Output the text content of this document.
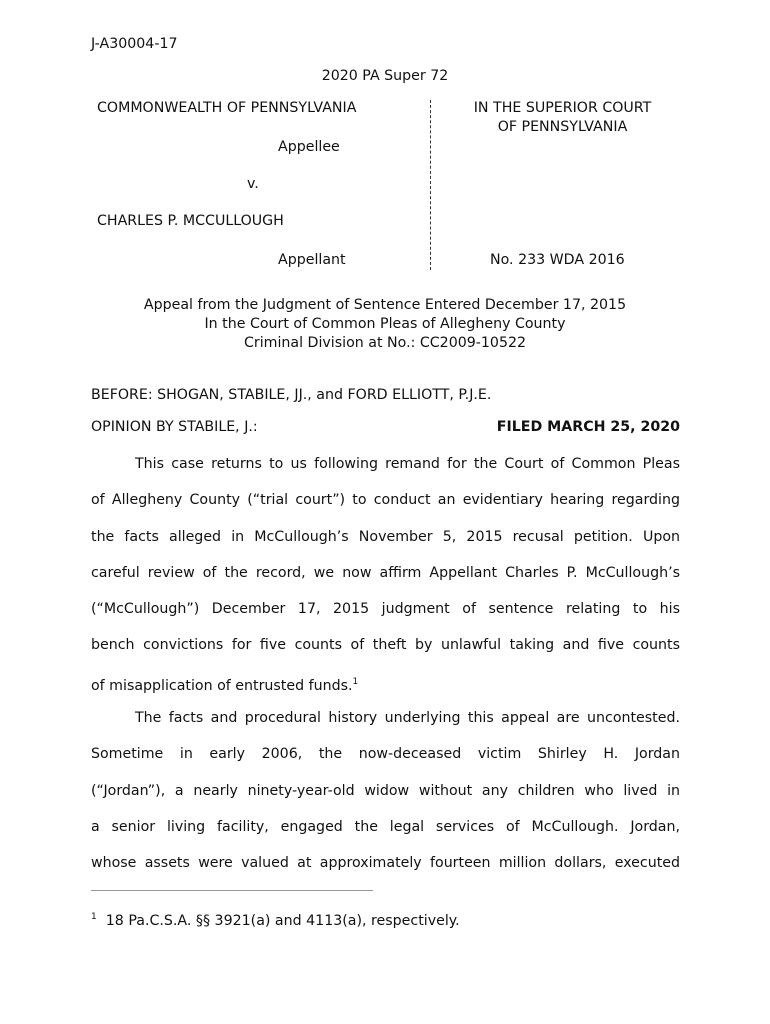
J-A30004-17
2020 PA Super 72
COMMONWEALTH OF PENNSYLVANIA
Appellee
v.
CHARLES P. MCCULLOUGH
Appellant
IN THE SUPERIOR COURT
OF PENNSYLVANIA
No. 233 WDA 2016
Appeal from the Judgment of Sentence Entered December 17, 2015
In the Court of Common Pleas of Allegheny County
Criminal Division at No.: CC2009-10522
BEFORE: SHOGAN, STABILE, JJ., and FORD ELLIOTT, P.J.E.
OPINION BY STABILE, J.:	FILED MARCH 25, 2020
This case returns to us following remand for the Court of Common Pleas
of Allegheny County (“trial court”) to conduct an evidentiary hearing regarding
the facts alleged in McCullough’s November 5, 2015 recusal petition. Upon
careful review of the record, we now affirm Appellant Charles P. McCullough’s
(“McCullough”) December 17, 2015 judgment of sentence relating to his
bench convictions for five counts of theft by unlawful taking and five counts
of misapplication of entrusted funds.$^1$
The facts and procedural history underlying this appeal are uncontested.
Sometime in early 2006, the now-deceased victim Shirley H. Jordan
(“Jordan”), a nearly ninety-year-old widow without any children who lived in
a senior living facility, engaged the legal services of McCullough. Jordan,
whose assets were valued at approximately fourteen million dollars, executed
$^1$ 18 Pa.C.S.A. §§ 3921(a) and 4113(a), respectively.
